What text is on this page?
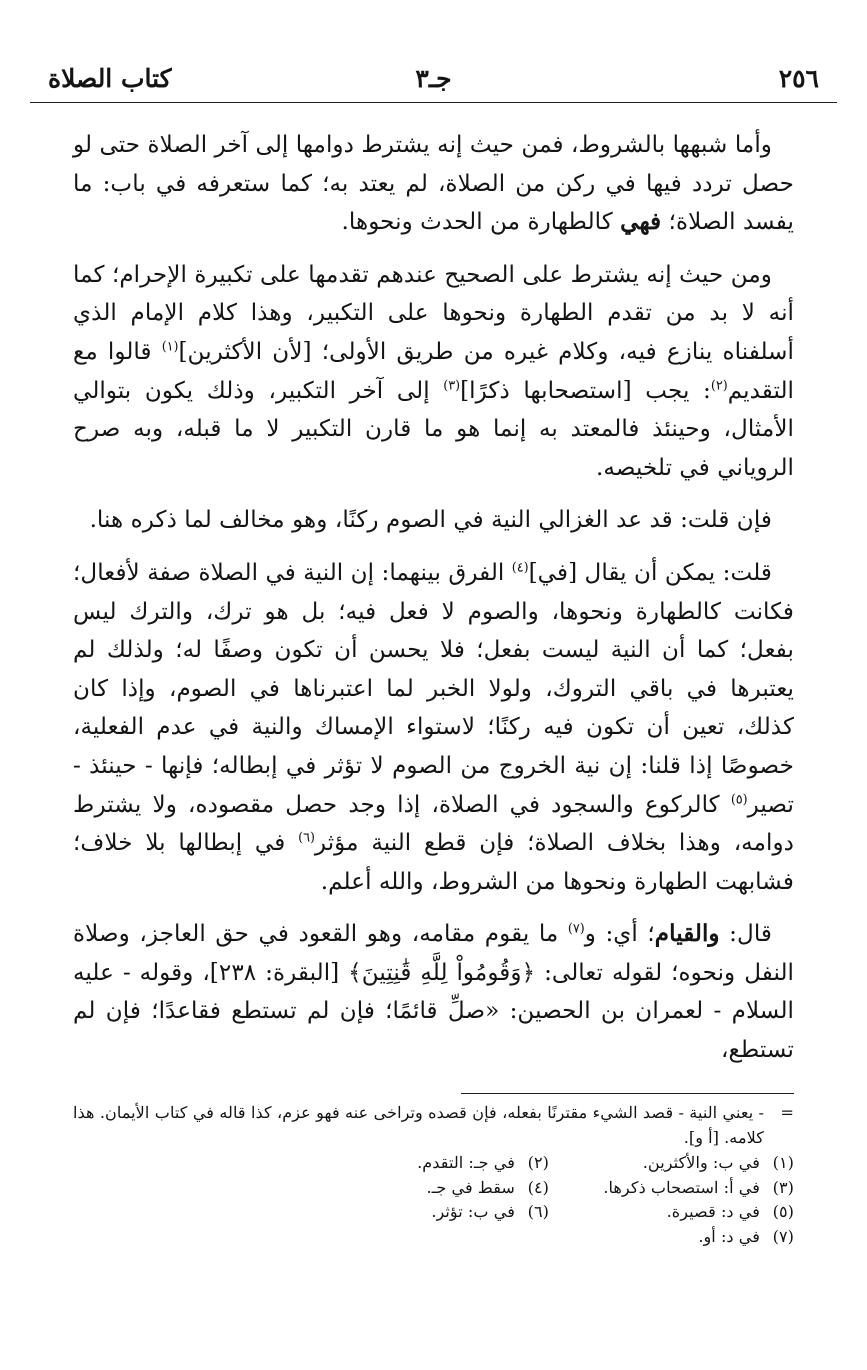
٢٥٦
جـ٣
كتاب الصلاة

وأما شبهها بالشروط، فمن حيث إنه يشترط دوامها إلى آخر الصلاة حتى لو حصل تردد فيها في ركن من الصلاة، لم يعتد به؛ كما ستعرفه في باب: ما يفسد الصلاة؛ فهي كالطهارة من الحدث ونحوها.

ومن حيث إنه يشترط على الصحيح عندهم تقدمها على تكبيرة الإحرام؛ كما أنه لا بد من تقدم الطهارة ونحوها على التكبير، وهذا كلام الإمام الذي أسلفناه ينازع فيه، وكلام غيره من طريق الأولى؛ [لأن الأكثرين]$^{(١)}$ قالوا مع التقديم$^{(٢)}$: يجب [استصحابها ذكرًا]$^{(٣)}$ إلى آخر التكبير، وذلك يكون بتوالي الأمثال، وحينئذ فالمعتد به إنما هو ما قارن التكبير لا ما قبله، وبه صرح الروياني في تلخيصه.

فإن قلت: قد عد الغزالي النية في الصوم ركنًا، وهو مخالف لما ذكره هنا.

قلت: يمكن أن يقال [في]$^{(٤)}$ الفرق بينهما: إن النية في الصلاة صفة لأفعال؛ فكانت كالطهارة ونحوها، والصوم لا فعل فيه؛ بل هو ترك، والترك ليس بفعل؛ كما أن النية ليست بفعل؛ فلا يحسن أن تكون وصفًا له؛ ولذلك لم يعتبرها في باقي التروك، ولولا الخبر لما اعتبرناها في الصوم، وإذا كان كذلك، تعين أن تكون فيه ركنًا؛ لاستواء الإمساك والنية في عدم الفعلية، خصوصًا إذا قلنا: إن نية الخروج من الصوم لا تؤثر في إبطاله؛ فإنها - حينئذ - تصير$^{(٥)}$ كالركوع والسجود في الصلاة، إذا وجد حصل مقصوده، ولا يشترط دوامه، وهذا بخلاف الصلاة؛ فإن قطع النية مؤثر$^{(٦)}$ في إبطالها بلا خلاف؛ فشابهت الطهارة ونحوها من الشروط، والله أعلم.

قال: والقيام؛ أي: و$^{(٧)}$ ما يقوم مقامه، وهو القعود في حق العاجز، وصلاة النفل ونحوه؛ لقوله تعالى: ﴿وَقُومُواْ لِلَّهِ قَٰنِتِينَ﴾ [البقرة: ٢٣٨]، وقوله - عليه السلام - لعمران بن الحصين: «صلِّ قائمًا؛ فإن لم تستطع فقاعدًا؛ فإن لم تستطع،

=
- يعني النية - قصد الشيء مقترنًا بفعله، فإن قصده وتراخى عنه فهو عزم، كذا قاله في كتاب الأيمان. هذا كلامه. [أ و].
(١)في ب: والأكثرين.
(٢)في جـ: التقدم.
(٣)في أ: استصحاب ذكرها.
(٤)سقط في جـ.
(٥)في د: قصيرة.
(٦)في ب: تؤثر.
(٧)في د: أو.
